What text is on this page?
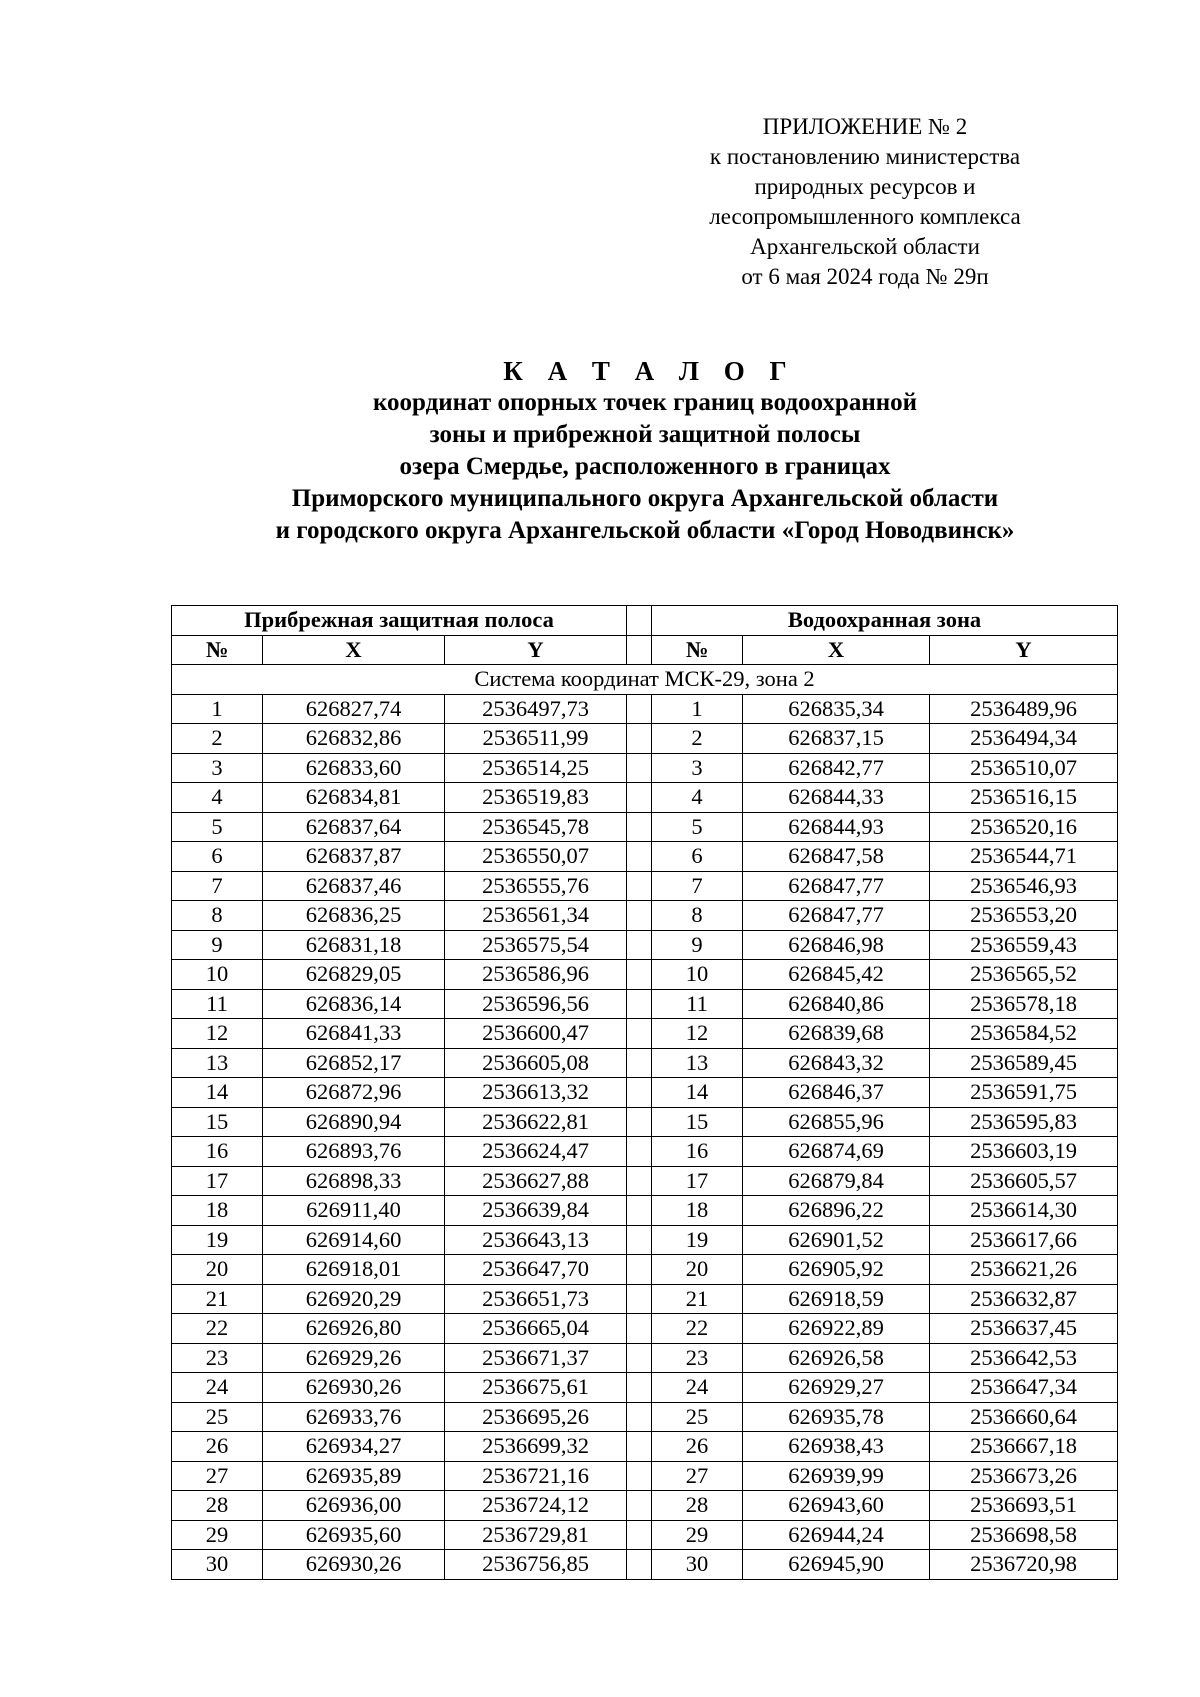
ПРИЛОЖЕНИЕ № 2
к постановлению министерства
природных ресурсов и
лесопромышленного комплекса
Архангельской области
от 6 мая 2024 года № 29п
К А Т А Л О Г
координат опорных точек границ водоохранной
зоны и прибрежной защитной полосы
озера Смердье, расположенного в границах
Приморского муниципального округа Архангельской области
и городского округа Архангельской области «Город Новодвинск»
Прибрежная защитная полоса				Водоохранная зона		
№	X	Y		№	X	Y
Система координат МСК-29, зона 2						
1	626827,74	2536497,73		1	626835,34	2536489,96
2	626832,86	2536511,99		2	626837,15	2536494,34
3	626833,60	2536514,25		3	626842,77	2536510,07
4	626834,81	2536519,83		4	626844,33	2536516,15
5	626837,64	2536545,78		5	626844,93	2536520,16
6	626837,87	2536550,07		6	626847,58	2536544,71
7	626837,46	2536555,76		7	626847,77	2536546,93
8	626836,25	2536561,34		8	626847,77	2536553,20
9	626831,18	2536575,54		9	626846,98	2536559,43
10	626829,05	2536586,96		10	626845,42	2536565,52
11	626836,14	2536596,56		11	626840,86	2536578,18
12	626841,33	2536600,47		12	626839,68	2536584,52
13	626852,17	2536605,08		13	626843,32	2536589,45
14	626872,96	2536613,32		14	626846,37	2536591,75
15	626890,94	2536622,81		15	626855,96	2536595,83
16	626893,76	2536624,47		16	626874,69	2536603,19
17	626898,33	2536627,88		17	626879,84	2536605,57
18	626911,40	2536639,84		18	626896,22	2536614,30
19	626914,60	2536643,13		19	626901,52	2536617,66
20	626918,01	2536647,70		20	626905,92	2536621,26
21	626920,29	2536651,73		21	626918,59	2536632,87
22	626926,80	2536665,04		22	626922,89	2536637,45
23	626929,26	2536671,37		23	626926,58	2536642,53
24	626930,26	2536675,61		24	626929,27	2536647,34
25	626933,76	2536695,26		25	626935,78	2536660,64
26	626934,27	2536699,32		26	626938,43	2536667,18
27	626935,89	2536721,16		27	626939,99	2536673,26
28	626936,00	2536724,12		28	626943,60	2536693,51
29	626935,60	2536729,81		29	626944,24	2536698,58
30	626930,26	2536756,85		30	626945,90	2536720,98
